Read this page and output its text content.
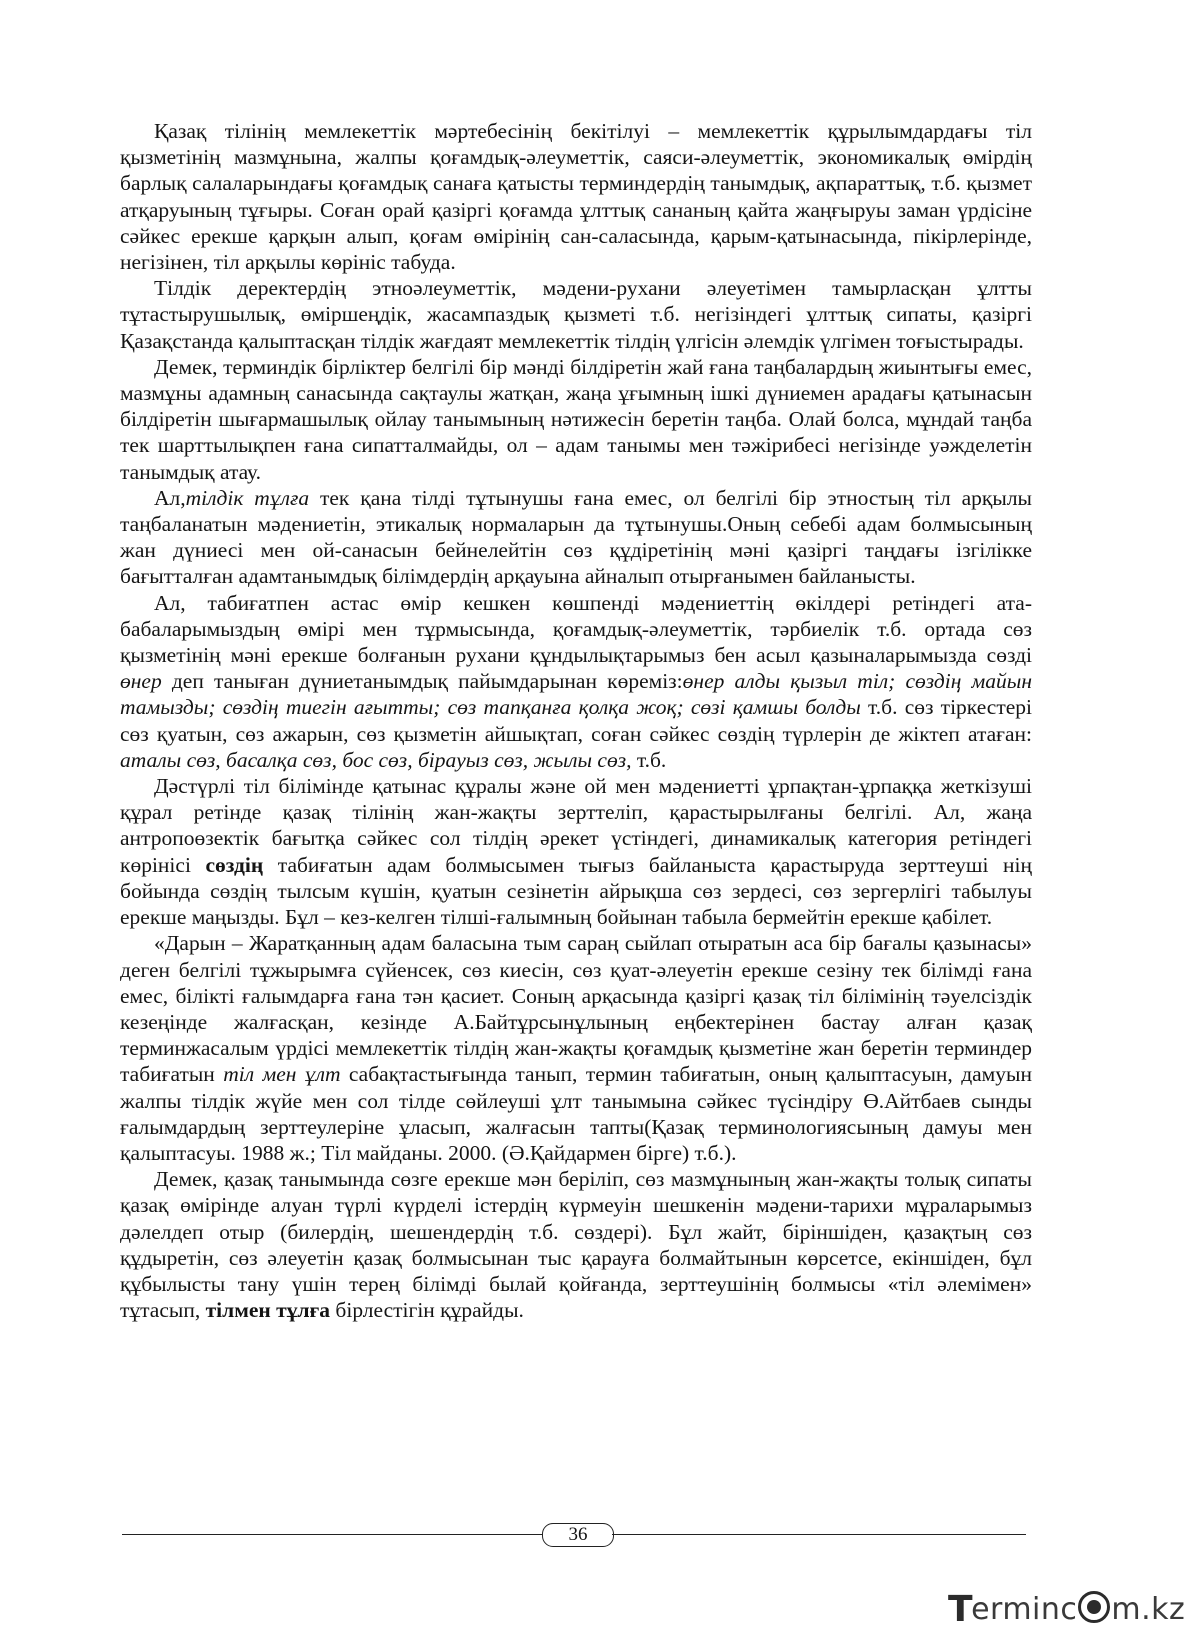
Қазақ тілінің мемлекеттік мәртебесінің бекітілуі – мемлекеттік құрылымдардағы тіл қызметінің мазмұнына, жалпы қоғамдық-әлеуметтік, саяси-әлеуметтік, экономикалық өмірдің барлық салаларындағы қоғамдық санаға қатысты терминдердің танымдық, ақпараттық, т.б. қызмет атқаруының тұғыры. Соған орай қазіргі қоғамда ұлттық сананың қайта жаңғыруы заман үрдісіне сәйкес ерекше қарқын алып, қоғам өмірінің сан-саласында, қарым-қатынасында, пікірлерінде, негізінен, тіл арқылы көрініс табуда.

Тілдік деректердің этноәлеуметтік, мәдени-рухани әлеуетімен тамырласқан ұлтты тұтастырушылық, өміршеңдік, жасампаздық қызметі т.б. негізіндегі ұлттық сипаты, қазіргі Қазақстанда қалыптасқан тілдік жағдаят мемлекеттік тілдің үлгісін әлемдік үлгімен тоғыстырады.

Демек, терминдік бірліктер белгілі бір мәнді білдіретін жай ғана таңбалардың жиынтығы емес, мазмұны адамның санасында сақтаулы жатқан, жаңа ұғымның ішкі дүниемен арадағы қатынасын білдіретін шығармашылық ойлау танымының нәтижесін беретін таңба. Олай болса, мұндай таңба тек шарттылықпен ғана сипатталмайды, ол – адам танымы мен тәжірибесі негізінде уәжделетін танымдық атау.

Ал,тілдік тұлға тек қана тілді тұтынушы ғана емес, ол белгілі бір этностың тіл арқылы таңбаланатын мәдениетін, этикалық нормаларын да тұтынушы.Оның себебі адам болмысының жан дүниесі мен ой-санасын бейнелейтін сөз құдіретінің мәні қазіргі таңдағы ізгілікке бағытталған адамтанымдық білімдердің арқауына айналып отырғанымен байланысты.

Ал, табиғатпен астас өмір кешкен көшпенді мәдениеттің өкілдері ретіндегі ата-бабаларымыздың өмірі мен тұрмысында, қоғамдық-әлеуметтік, тәрбиелік т.б. ортада сөз қызметінің мәні ерекше болғанын рухани құндылықтарымыз бен асыл қазыналарымызда сөзді өнер деп таныған дүниетанымдық пайымдарынан көреміз:өнер алды қызыл тіл; сөздің майын тамызды; сөздің тиегін ағытты; сөз тапқанға қолқа жоқ; сөзі қамшы болды т.б. сөз тіркестері сөз қуатын, сөз ажарын, сөз қызметін айшықтап, соған сәйкес сөздің түрлерін де жіктеп атаған: аталы сөз, басалқа сөз, бос сөз, біраyыз сөз, жылы сөз, т.б.

Дәстүрлі тіл білімінде қатынас құралы және ой мен мәдениетті ұрпақтан-ұрпаққа жеткізуші құрал ретінде қазақ тілінің жан-жақты зерттеліп, қарастырылғаны белгілі. Ал, жаңа антропоөзектік бағытқа сәйкес сол тілдің әрекет үстіндегі, динамикалық категория ретіндегі көрінісі сөздің табиғатын адам болмысымен тығыз байланыста қарастыруда зерттеуші нің бойында сөздің тылсым күшін, қуатын сезінетін айрықша сөз зердесі, сөз зергерлігі табылуы ерекше маңызды. Бұл – кез-келген тілші-ғалымның бойынан табыла бермейтін ерекше қабілет.

«Дарын – Жаратқанның адам баласына тым сараң сыйлап отыратын аса бір бағалы қазынасы» деген белгілі тұжырымға сүйенсек, сөз киесін, сөз қуат-әлеуетін ерекше сезіну тек білімді ғана емес, білікті ғалымдарға ғана тән қасиет. Соның арқасында қазіргі қазақ тіл білімінің тәуелсіздік кезеңінде жалғасқан, кезінде А.Байтұрсынұлының еңбектерінен бастау алған қазақ терминжасалым үрдісі мемлекеттік тілдің жан-жақты қоғамдық қызметіне жан беретін терминдер табиғатын тіл мен ұлт сабақтастығында танып, термин табиғатын, оның қалыптасуын, дамуын жалпы тілдік жүйе мен сол тілде сөйлеуші ұлт танымына сәйкес түсіндіру Ө.Айтбаев сынды ғалымдардың зерттеулеріне ұласып, жалғасын тапты(Қазақ терминологиясының дамуы мен қалыптасуы. 1988 ж.; Тіл майданы. 2000. (Ә.Қайдармен бірге) т.б.).

Демек, қазақ танымында сөзге ерекше мән беріліп, сөз мазмұнының жан-жақты толық сипаты қазақ өмірінде алуан түрлі күрделі істердің күрмеуін шешкенін мәдени-тарихи мұраларымыз дәлелдеп отыр (билердің, шешендердің т.б. сөздері). Бұл жайт, біріншіден, қазақтың сөз құдыретін, сөз әлеуетін қазақ болмысынан тыс қарауға болмайтынын көрсетсе, екіншіден, бұл құбылысты тану үшін терең білімді былай қойғанда, зерттеушінің болмысы «тіл әлемімен» тұтасып, тілмен тұлға бірлестігін құрайды.

36
Terminc m.kz
